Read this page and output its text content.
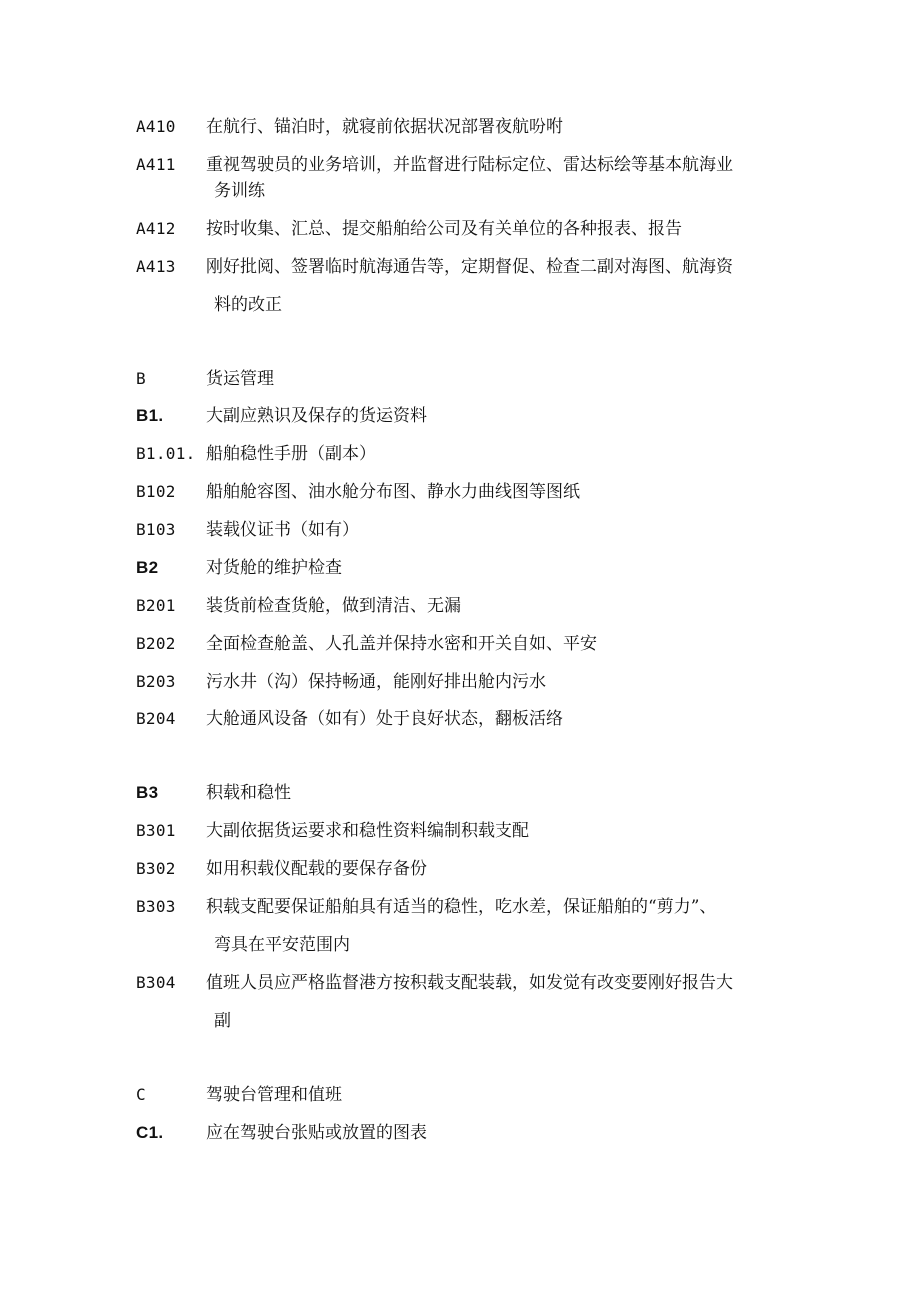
A410 在航行、锚泊时，就寝前依据状况部署夜航吩咐
A411 重视驾驶员的业务培训，并监督进行陆标定位、雷达标绘等基本航海业
务训练
A412 按时收集、汇总、提交船舶给公司及有关单位的各种报表、报告
A413 刚好批阅、签署临时航海通告等，定期督促、检查二副对海图、航海资
料的改正
B	货运管理
B1.	大副应熟识及保存的货运资料
B1.01. 船舶稳性手册（副本）
B102 船舶舱容图、油水舱分布图、静水力曲线图等图纸
B103 装载仪证书（如有）
B2	对货舱的维护检查
B201 装货前检查货舱，做到清洁、无漏
B202 全面检查舱盖、人孔盖并保持水密和开关自如、平安
B203 污水井（沟）保持畅通，能刚好排出舱内污水
B204 大舱通风设备（如有）处于良好状态，翻板活络
B3	积载和稳性
B301 大副依据货运要求和稳性资料编制积载支配
B302 如用积载仪配载的要保存备份
B303 积载支配要保证船舶具有适当的稳性，吃水差，保证船舶的“剪力”、
弯具在平安范围内
B304 值班人员应严格监督港方按积载支配装载，如发觉有改变要刚好报告大
副
C	驾驶台管理和值班
C1.	应在驾驶台张贴或放置的图表
